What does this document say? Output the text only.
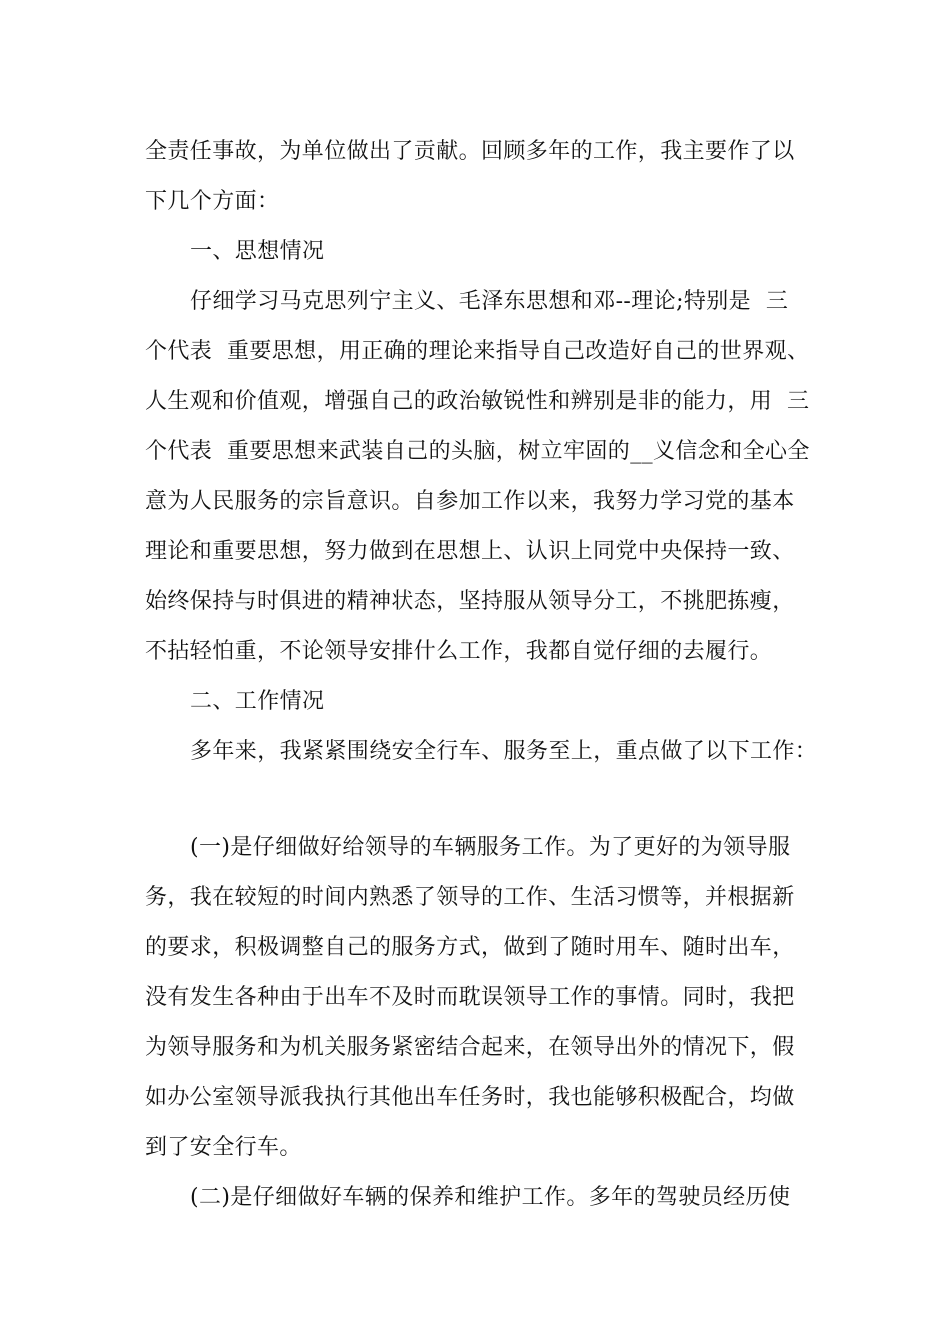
全责任事故，为单位做出了贡献。回顾多年的工作，我主要作了以
下几个方面：
一、思想情况
仔细学习马克思列宁主义、毛泽东思想和邓--理论;特别是  三
个代表  重要思想，用正确的理论来指导自己改造好自己的世界观、
人生观和价值观，增强自己的政治敏锐性和辨别是非的能力，用  三
个代表  重要思想来武装自己的头脑，树立牢固的__义信念和全心全
意为人民服务的宗旨意识。自参加工作以来，我努力学习党的基本
理论和重要思想，努力做到在思想上、认识上同党中央保持一致、
始终保持与时俱进的精神状态，坚持服从领导分工，不挑肥拣瘦，
不拈轻怕重，不论领导安排什么工作，我都自觉仔细的去履行。
二、工作情况
多年来，我紧紧围绕安全行车、服务至上，重点做了以下工作：
(一)是仔细做好给领导的车辆服务工作。为了更好的为领导服
务，我在较短的时间内熟悉了领导的工作、生活习惯等，并根据新
的要求，积极调整自己的服务方式，做到了随时用车、随时出车，
没有发生各种由于出车不及时而耽误领导工作的事情。同时，我把
为领导服务和为机关服务紧密结合起来，在领导出外的情况下，假
如办公室领导派我执行其他出车任务时，我也能够积极配合，均做
到了安全行车。
(二)是仔细做好车辆的保养和维护工作。多年的驾驶员经历使
